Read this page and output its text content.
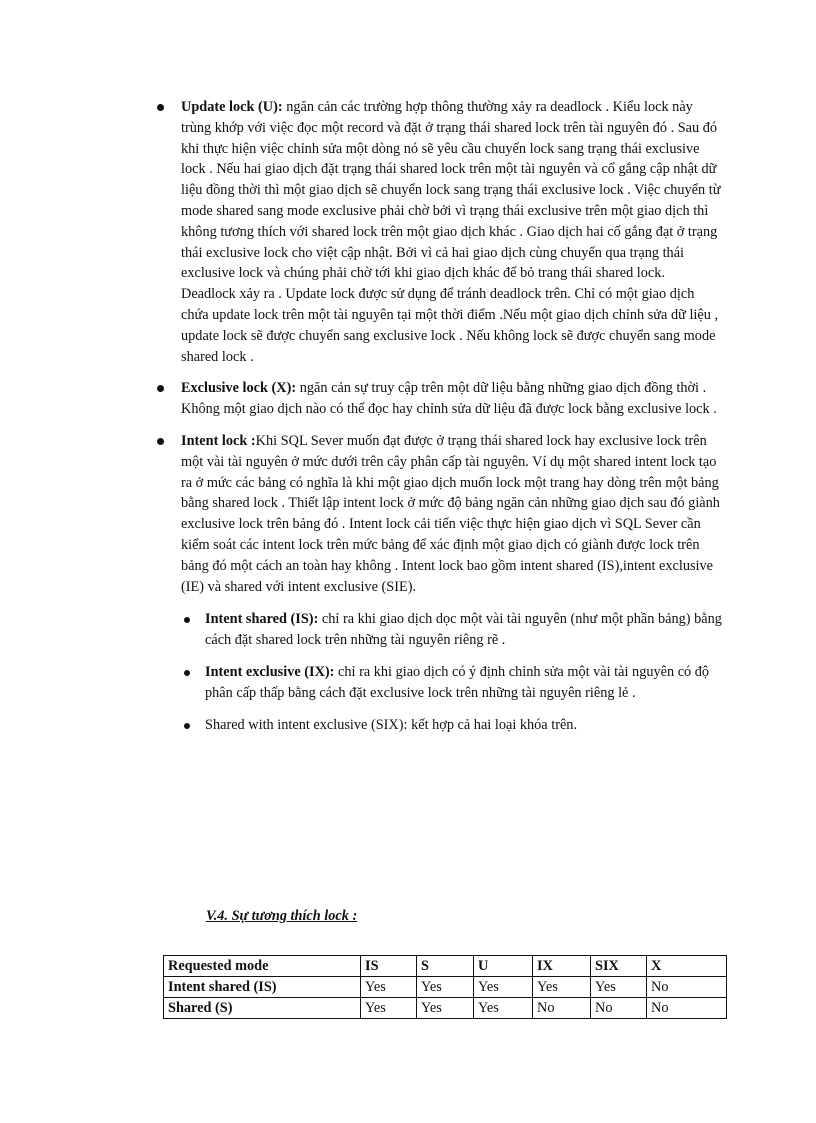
Update lock (U): ngăn cản các trường hợp thông thường xảy ra deadlock . Kiểu lock này trùng khớp với việc đọc một record và đặt ở trạng thái shared lock trên tài nguyên đó . Sau đó khi thực hiện việc chỉnh sửa một dòng nó sẽ yêu cầu chuyển lock sang trạng thái exclusive lock . Nếu hai giao dịch đặt trạng thái shared lock trên một tài nguyên và cố gắng cập nhật dữ liệu đồng thời thì một giao dịch sẽ chuyển lock sang trạng thái exclusive lock . Việc chuyển từ mode shared sang mode exclusive phải chờ bởi vì trạng thái exclusive trên một giao dịch thì không tương thích với shared lock trên một giao dịch khác . Giao dịch hai cố gắng đạt ở trạng thái exclusive lock cho việt cập nhật. Bởi vì cả hai giao dịch cùng chuyển qua trạng thái exclusive lock và chúng phải chờ tới khi giao dịch khác để bỏ trang thái shared lock. Deadlock xảy ra . Update lock được sử dụng để tránh deadlock trên. Chỉ có một giao dịch chứa update lock trên một tài nguyên tại một thời điểm .Nếu một giao dịch chỉnh sửa dữ liệu , update lock sẽ được chuyển sang exclusive lock . Nếu không lock sẽ được chuyển sang mode shared lock .
Exclusive lock (X): ngăn cản sự truy cập trên một dữ liệu bằng những giao dịch đồng thời . Không một giao dịch nào có thể đọc hay chỉnh sửa dữ liệu đã được lock bằng exclusive lock .
Intent lock :Khi SQL Sever muốn đạt được ở trạng thái shared lock hay exclusive lock trên một vài tài nguyên ở mức dưới trên cây phân cấp tài nguyên. Ví dụ một shared intent lock tạo ra ở mức các bảng có nghĩa là khi một giao dịch muốn lock một trang hay dòng trên một bảng bằng shared lock . Thiết lập intent lock ở mức độ bảng ngăn cản những giao dịch sau đó giành exclusive lock trên bảng đó . Intent lock cải tiến việc thực hiện giao dịch vì SQL Sever cần kiểm soát các intent lock trên mức bảng để xác định một giao dịch có giành được lock trên bảng đó một cách an toàn hay không . Intent lock bao gồm intent shared (IS),intent exclusive (IE) và shared với intent exclusive (SIE).
Intent shared (IS): chỉ ra khi giao dịch dọc một vài tài nguyên (như một phần bảng) bằng cách đặt shared lock trên những tài nguyên riêng rẽ .
Intent exclusive (IX): chỉ ra khi giao dịch có ý định chỉnh sửa một vài tài nguyên có độ phân cấp thấp bằng cách đặt exclusive lock trên những tài nguyên riêng lẻ .
Shared with intent exclusive (SIX): kết hợp cả hai loại khóa trên.
V.4. Sự tương thích lock :
Requested mode	IS	S	U	IX	SIX	X
Intent shared (IS)	Yes	Yes	Yes	Yes	Yes	No
Shared (S)	Yes	Yes	Yes	No	No	No
